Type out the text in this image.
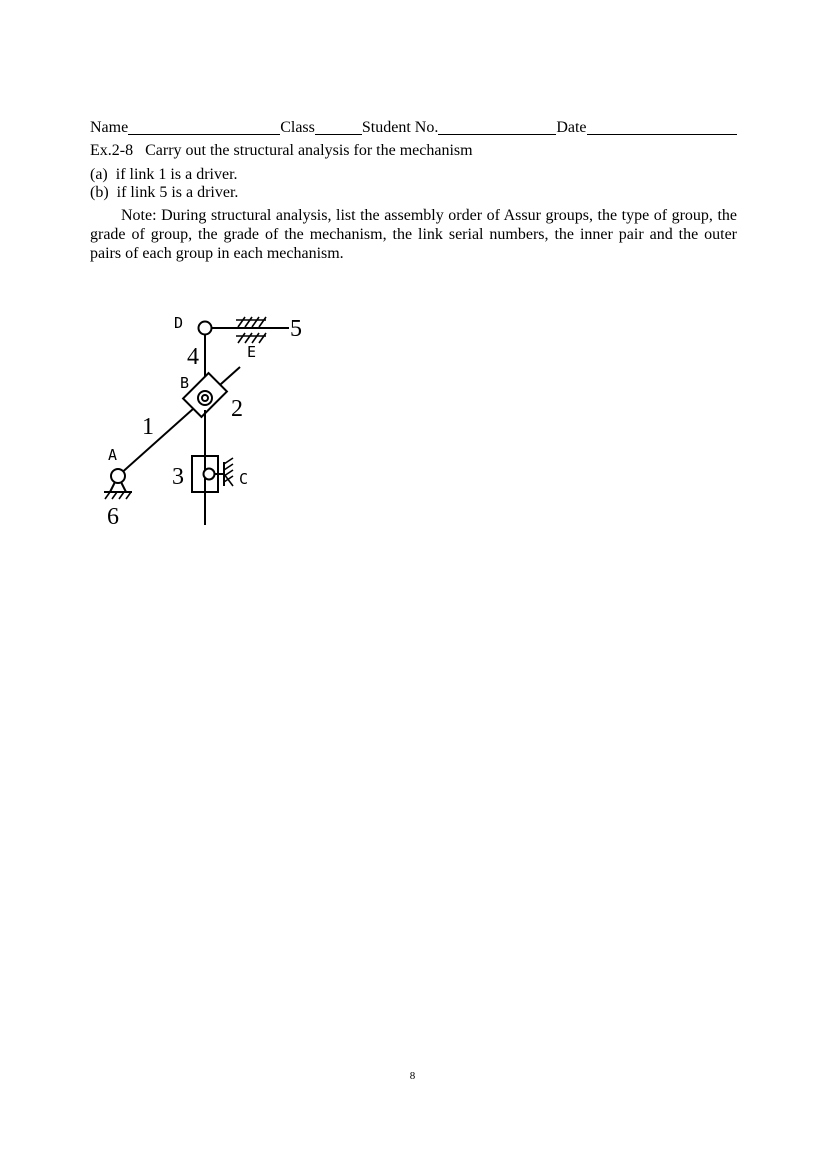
Name	Class	Student No.	Date
Ex.2-8   Carry out the structural analysis for the mechanism
(a)  if link 1 is a driver.
(b)  if link 5 is a driver.
Note: During structural analysis, list the assembly order of Assur groups, the type of group, the grade of group, the grade of the mechanism, the link serial numbers, the inner pair and the outer pairs of each group in each mechanism.
D	5
4	E
B
2
1
A
3	C
6
8
